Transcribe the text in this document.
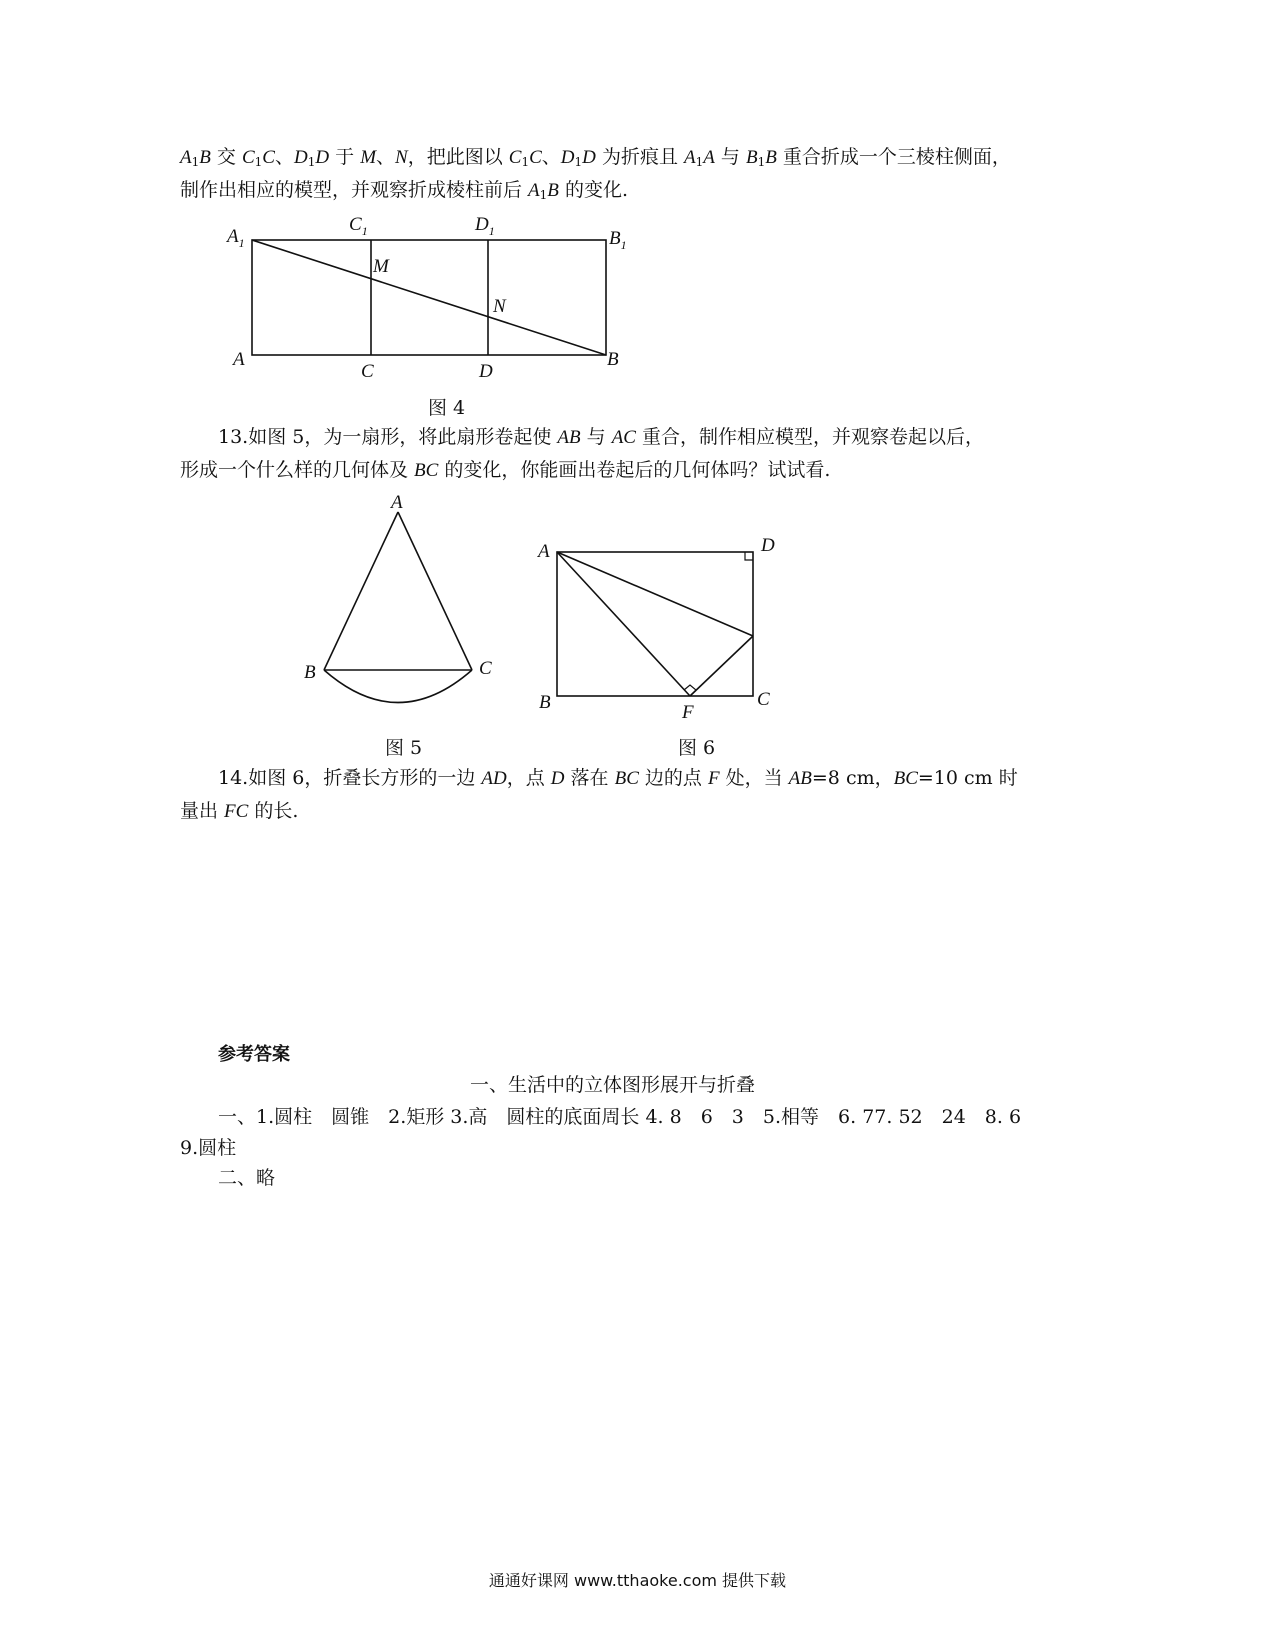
$A_1B$ 交 $C_1C$、$D_1D$ 于 M、N，把此图以 $C_1C$、$D_1D$ 为折痕且 $A_1A$ 与 $B_1B$ 重合折成一个三棱柱侧面，
制作出相应的模型，并观察折成棱柱前后 $A_1B$ 的变化.
$A_1$
$C_1$	$D_1$	$B_1$
M
N
A
C	D
B
图 4
13.如图 5，为一扇形，将此扇形卷起使 AB 与 AC 重合，制作相应模型，并观察卷起以后，
形成一个什么样的几何体及 BC 的变化，你能画出卷起后的几何体吗？试试看.
A
B	C
图 5
A	D
B	C
F
图 6
14.如图 6，折叠长方形的一边 AD，点 D 落在 BC 边的点 F 处，当 AB=8 cm，BC=10 cm 时
量出 FC 的长.
参考答案
一、生活中的立体图形展开与折叠
一、1.圆柱　圆锥　2.矩形 3.高　圆柱的底面周长 4. 8　6　3　5.相等　6. 77. 52　24　8. 6
9.圆柱
二、略
通通好课网 www.tthaoke.com 提供下载
